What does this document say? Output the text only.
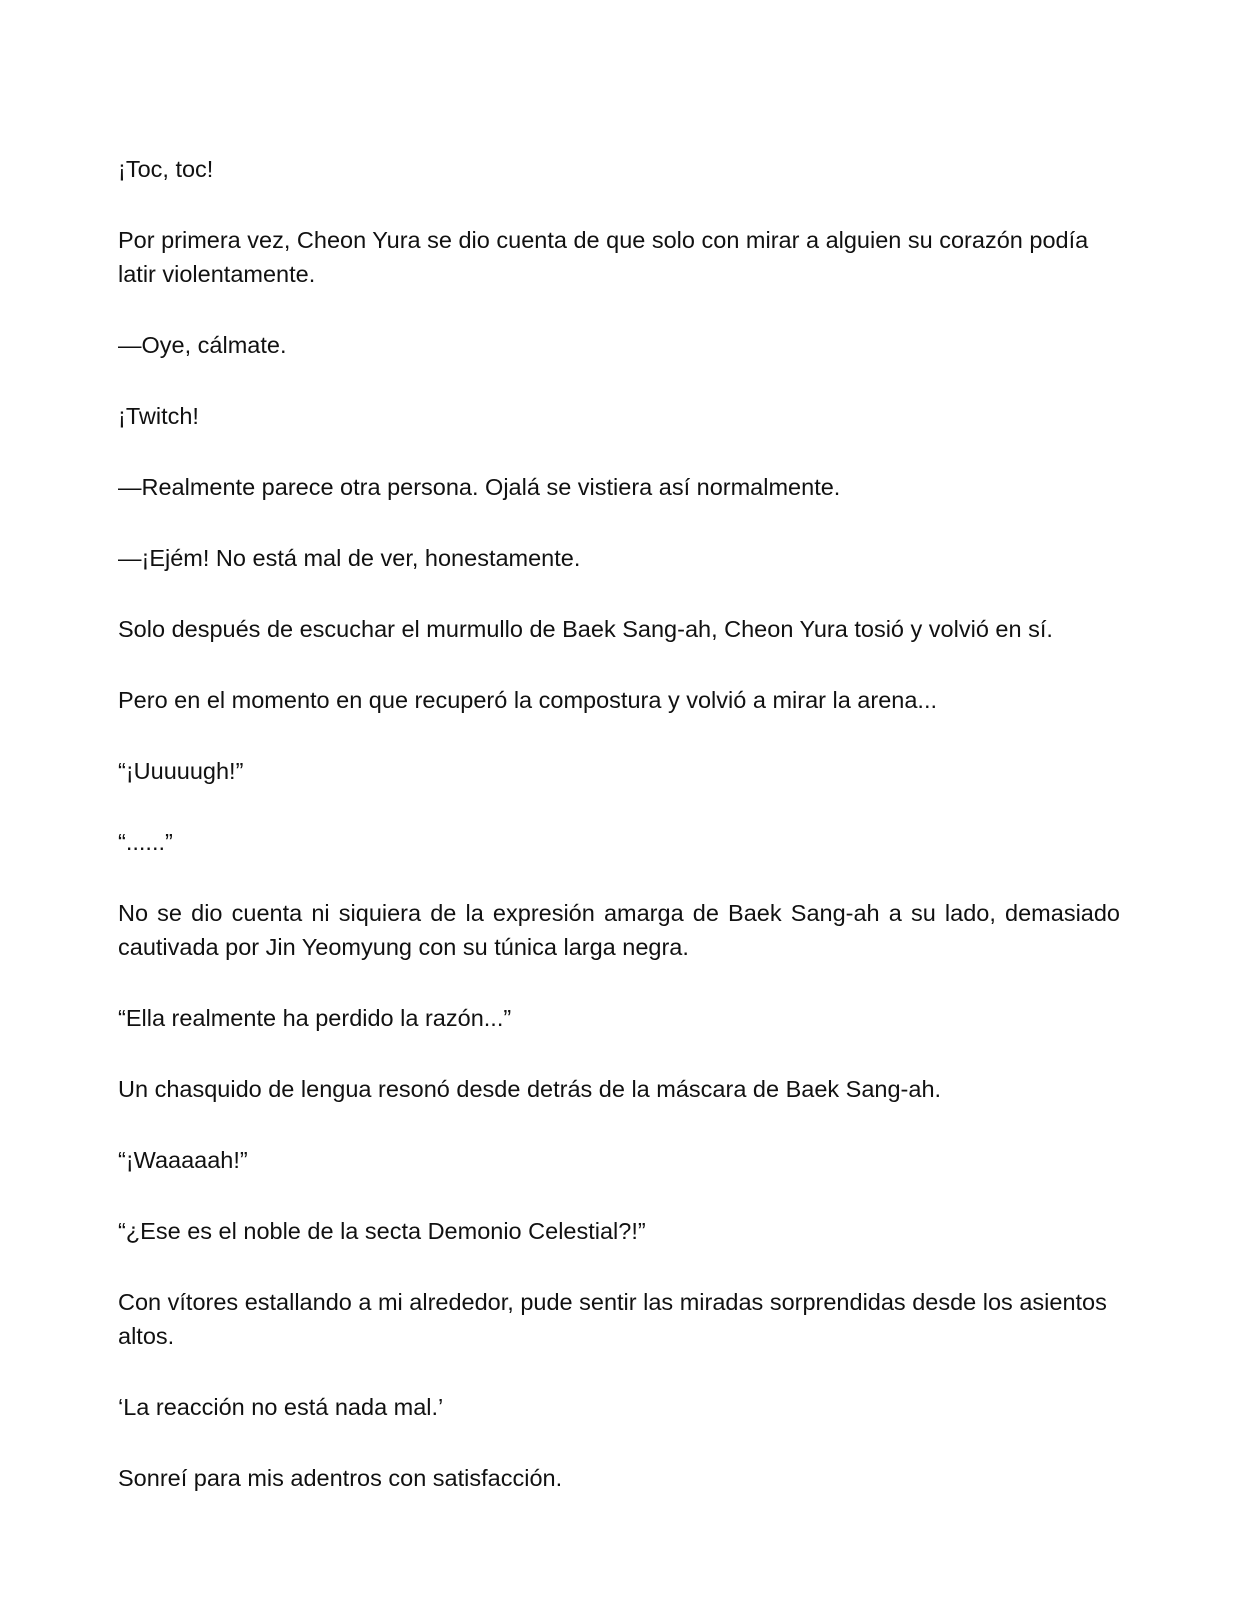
¡Toc, toc!

Por primera vez, Cheon Yura se dio cuenta de que solo con mirar a alguien su corazón podía latir violentamente.

—Oye, cálmate.

¡Twitch!

—Realmente parece otra persona. Ojalá se vistiera así normalmente.

—¡Ejém! No está mal de ver, honestamente.

Solo después de escuchar el murmullo de Baek Sang-ah, Cheon Yura tosió y volvió en sí.

Pero en el momento en que recuperó la compostura y volvió a mirar la arena...

“¡Uuuuugh!”

“......”

No se dio cuenta ni siquiera de la expresión amarga de Baek Sang-ah a su lado, demasiado cautivada por Jin Yeomyung con su túnica larga negra.

“Ella realmente ha perdido la razón...”

Un chasquido de lengua resonó desde detrás de la máscara de Baek Sang-ah.

“¡Waaaaah!”

“¿Ese es el noble de la secta Demonio Celestial?!”

Con vítores estallando a mi alrededor, pude sentir las miradas sorprendidas desde los asientos altos.

‘La reacción no está nada mal.’

Sonreí para mis adentros con satisfacción.
